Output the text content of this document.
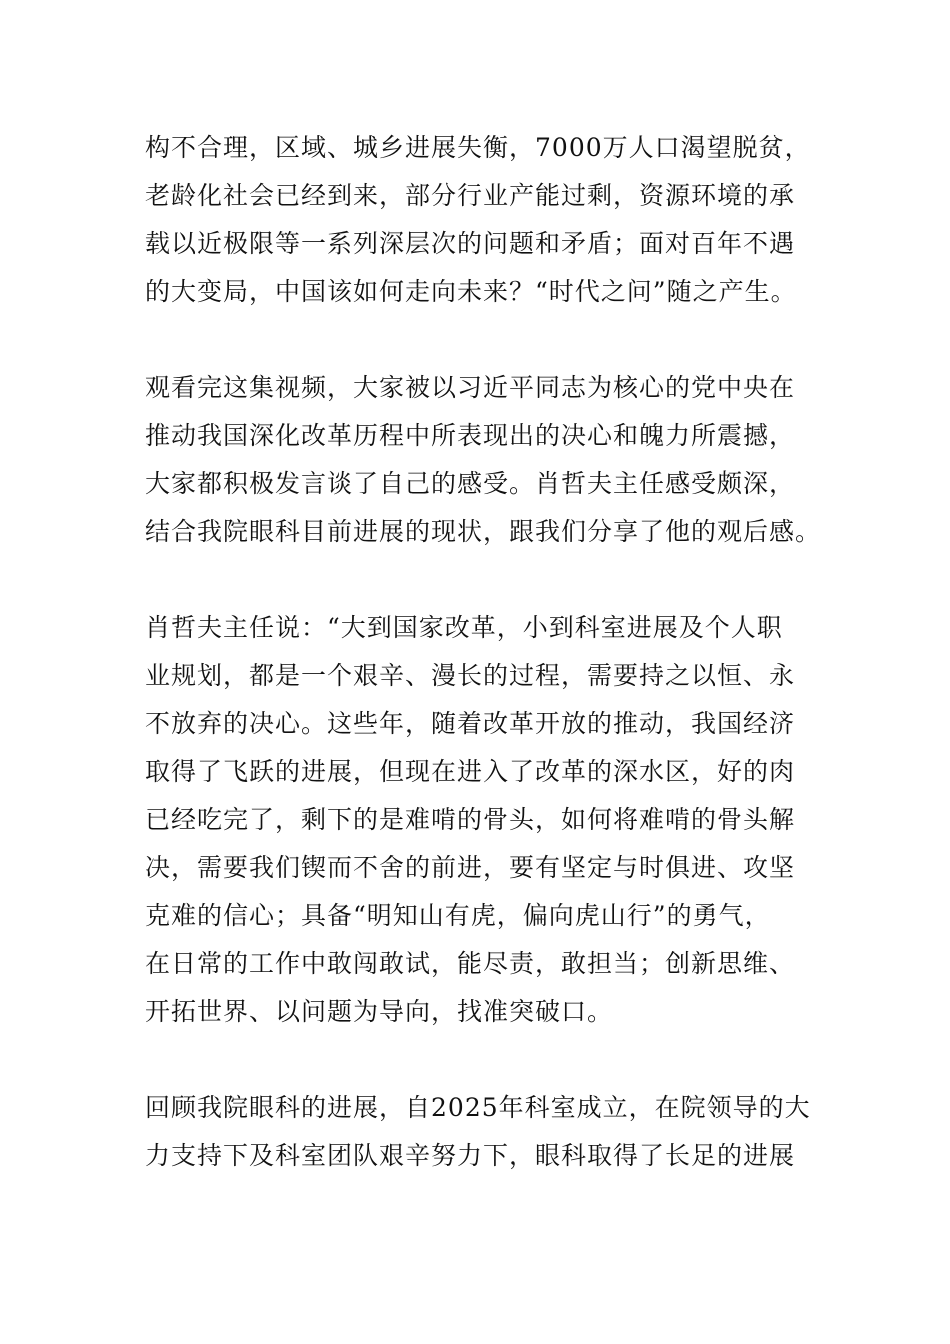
构不合理，区域、城乡进展失衡，7000万人口渴望脱贫，
老龄化社会已经到来，部分行业产能过剩，资源环境的承
载以近极限等一系列深层次的问题和矛盾；面对百年不遇
的大变局，中国该如何走向未来？“时代之问”随之产生。
观看完这集视频，大家被以习近平同志为核心的党中央在
推动我国深化改革历程中所表现出的决心和魄力所震撼，
大家都积极发言谈了自己的感受。肖哲夫主任感受颇深，
结合我院眼科目前进展的现状，跟我们分享了他的观后感。
肖哲夫主任说：“大到国家改革，小到科室进展及个人职
业规划，都是一个艰辛、漫长的过程，需要持之以恒、永
不放弃的决心。这些年，随着改革开放的推动，我国经济
取得了飞跃的进展，但现在进入了改革的深水区，好的肉
已经吃完了，剩下的是难啃的骨头，如何将难啃的骨头解
决，需要我们锲而不舍的前进，要有坚定与时俱进、攻坚
克难的信心；具备“明知山有虎，偏向虎山行”的勇气，
在日常的工作中敢闯敢试，能尽责，敢担当；创新思维、
开拓世界、以问题为导向，找准突破口。
回顾我院眼科的进展，自2025年科室成立，在院领导的大
力支持下及科室团队艰辛努力下，眼科取得了长足的进展
